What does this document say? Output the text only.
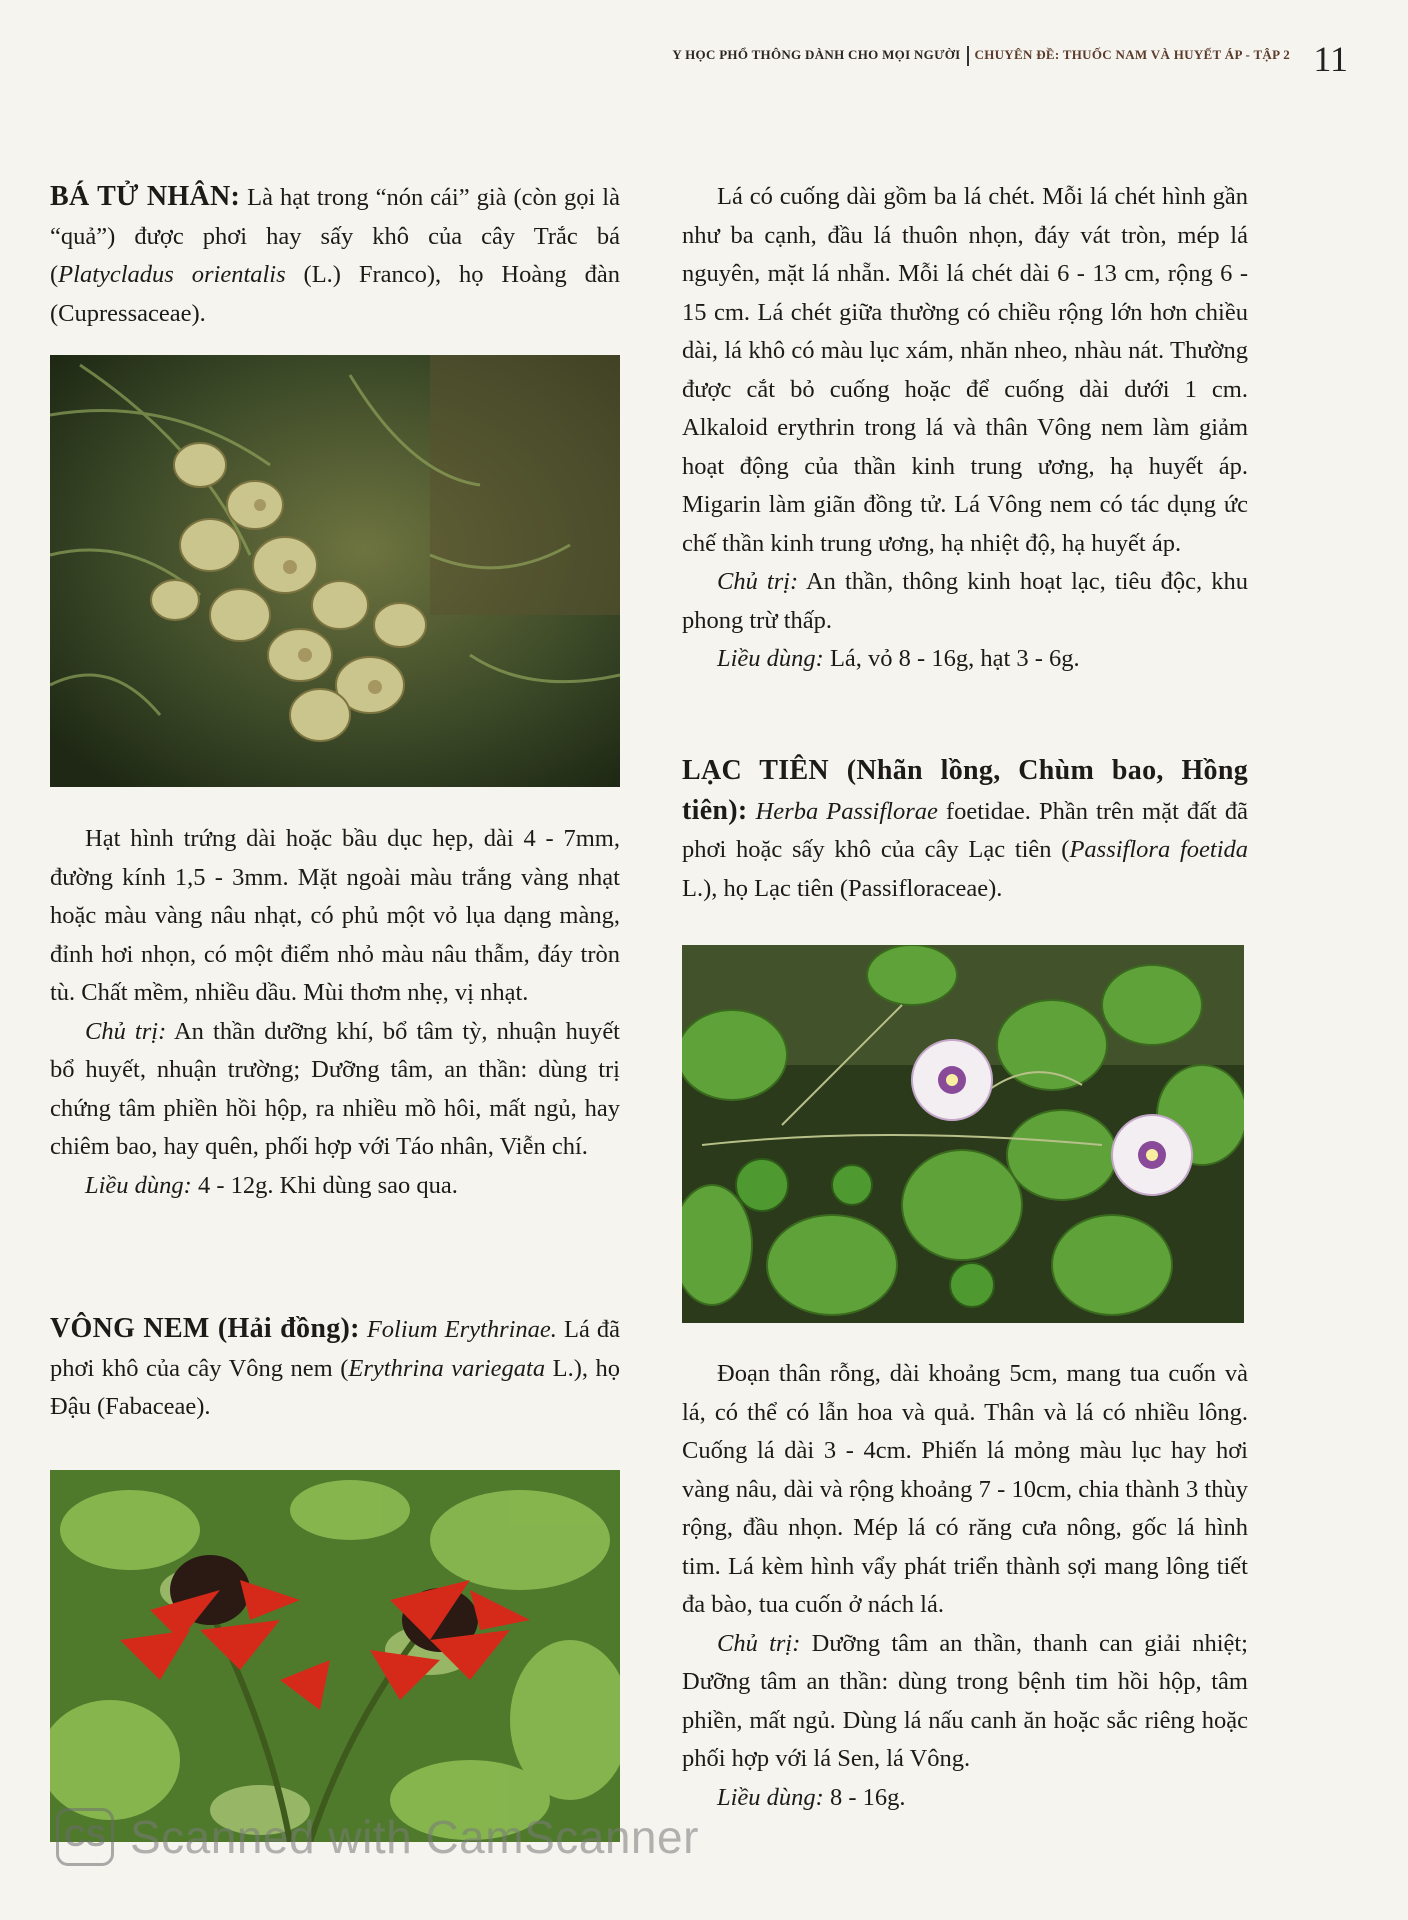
Y HỌC PHỔ THÔNG DÀNH CHO MỌI NGƯỜI CHUYÊN ĐỀ: THUỐC NAM VÀ HUYẾT ÁP - TẬP 2 11

BÁ TỬ NHÂN: Là hạt trong “nón cái” già (còn gọi là “quả”) được phơi hay sấy khô của cây Trắc bá (Platycladus orientalis (L.) Franco), họ Hoàng đàn (Cupressaceae).

Hạt hình trứng dài hoặc bầu dục hẹp, dài 4 - 7mm, đường kính 1,5 - 3mm. Mặt ngoài màu trắng vàng nhạt hoặc màu vàng nâu nhạt, có phủ một vỏ lụa dạng màng, đỉnh hơi nhọn, có một điểm nhỏ màu nâu thẫm, đáy tròn tù. Chất mềm, nhiều dầu. Mùi thơm nhẹ, vị nhạt.

Chủ trị: An thần dưỡng khí, bổ tâm tỳ, nhuận huyết bổ huyết, nhuận trường; Dưỡng tâm, an thần: dùng trị chứng tâm phiền hồi hộp, ra nhiều mồ hôi, mất ngủ, hay chiêm bao, hay quên, phối hợp với Táo nhân, Viễn chí.

Liều dùng: 4 - 12g. Khi dùng sao qua.

VÔNG NEM (Hải đồng): Folium Erythrinae. Lá đã phơi khô của cây Vông nem (Erythrina variegata L.), họ Đậu (Fabaceae).

Lá có cuống dài gồm ba lá chét. Mỗi lá chét hình gần như ba cạnh, đầu lá thuôn nhọn, đáy vát tròn, mép lá nguyên, mặt lá nhẵn. Mỗi lá chét dài 6 - 13 cm, rộng 6 - 15 cm. Lá chét giữa thường có chiều rộng lớn hơn chiều dài, lá khô có màu lục xám, nhăn nheo, nhàu nát. Thường được cắt bỏ cuống hoặc để cuống dài dưới 1 cm. Alkaloid erythrin trong lá và thân Vông nem làm giảm hoạt động của thần kinh trung ương, hạ huyết áp. Migarin làm giãn đồng tử. Lá Vông nem có tác dụng ức chế thần kinh trung ương, hạ nhiệt độ, hạ huyết áp.

Chủ trị: An thần, thông kinh hoạt lạc, tiêu độc, khu phong trừ thấp.

Liều dùng: Lá, vỏ 8 - 16g, hạt 3 - 6g.

LẠC TIÊN (Nhãn lồng, Chùm bao, Hồng tiên): Herba Passiflorae foetidae. Phần trên mặt đất đã phơi hoặc sấy khô của cây Lạc tiên (Passiflora foetida L.), họ Lạc tiên (Passifloraceae).

Đoạn thân rỗng, dài khoảng 5cm, mang tua cuốn và lá, có thể có lẫn hoa và quả. Thân và lá có nhiều lông. Cuống lá dài 3 - 4cm. Phiến lá mỏng màu lục hay hơi vàng nâu, dài và rộng khoảng 7 - 10cm, chia thành 3 thùy rộng, đầu nhọn. Mép lá có răng cưa nông, gốc lá hình tim. Lá kèm hình vẩy phát triển thành sợi mang lông tiết đa bào, tua cuốn ở nách lá.

Chủ trị: Dưỡng tâm an thần, thanh can giải nhiệt; Dưỡng tâm an thần: dùng trong bệnh tim hồi hộp, tâm phiền, mất ngủ. Dùng lá nấu canh ăn hoặc sắc riêng hoặc phối hợp với lá Sen, lá Vông.

Liều dùng: 8 - 16g.

CS Scanned with CamScanner
